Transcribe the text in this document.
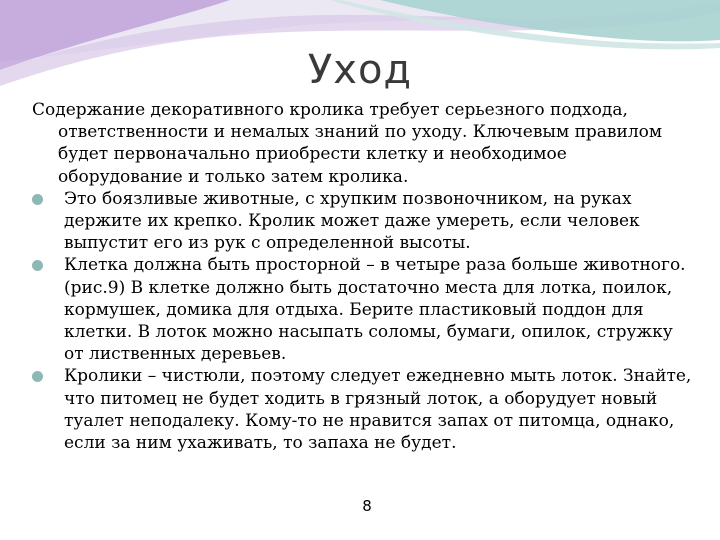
Уход

Содержание декоративного кролика требует серьезного подхода, ответственности и немалых знаний по уходу. Ключевым правилом будет первоначально приобрести клетку и необходимое оборудование и только затем кролика.

Это боязливые животные, с хрупким позвоночником, на руках держите их крепко. Кролик может даже умереть, если человек выпустит его из рук с определенной высоты.
Клетка должна быть просторной – в четыре раза больше животного. (рис.9) В клетке должно быть достаточно места для лотка, поилок, кормушек, домика для отдыха. Берите пластиковый поддон для клетки. В лоток можно насыпать соломы, бумаги, опилок, стружку от лиственных деревьев.
Кролики – чистюли, поэтому следует ежедневно мыть лоток. Знайте, что питомец не будет ходить в грязный лоток, а оборудует новый туалет неподалеку. Кому-то не нравится запах от питомца, однако, если за ним ухаживать, то запаха не будет.
8
